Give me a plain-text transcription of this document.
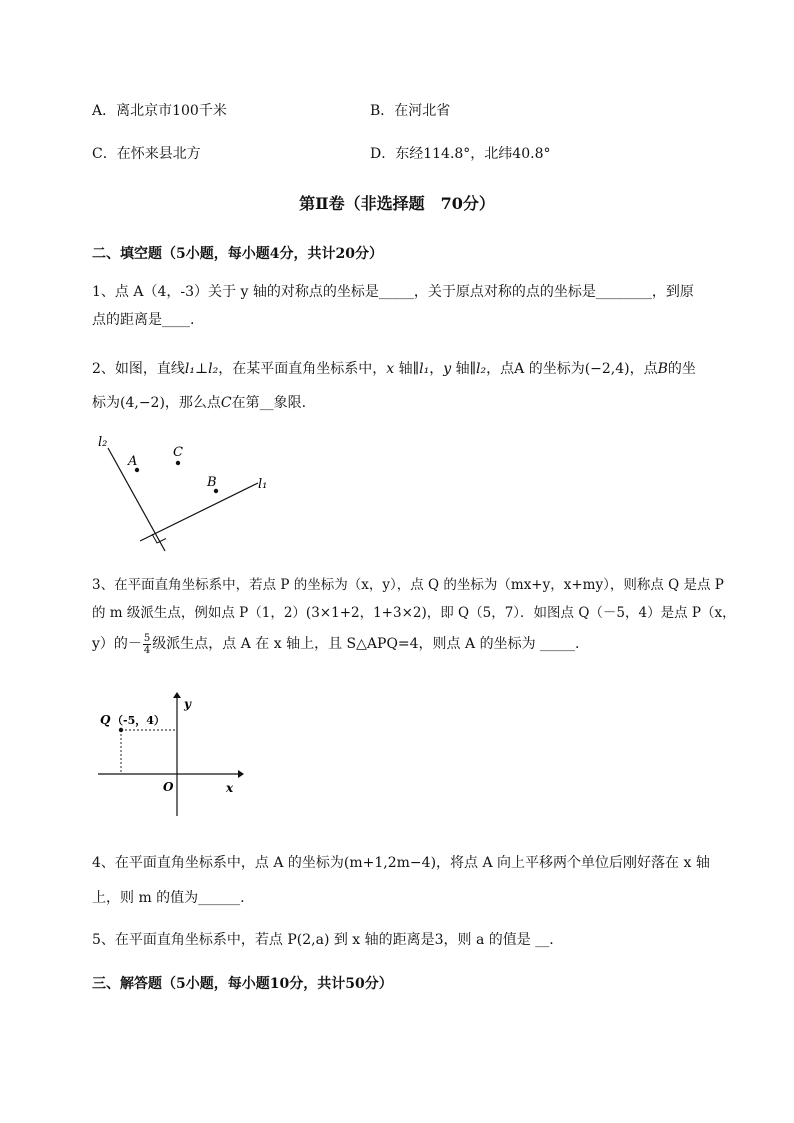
A．离北京市100千米	B．在河北省
C．在怀来县北方	D．东经114.8°，北纬40.8°
第Ⅱ卷（非选择题　70分）
二、填空题（5小题，每小题4分，共计20分）
1、点 A（4，-3）关于 y 轴的对称点的坐标是_____，关于原点对称的点的坐标是________，到原
点的距离是____.
2、如图，直线l₁⊥l₂，在某平面直角坐标系中，x 轴∥l₁，y 轴∥l₂，点A 的坐标为(−2,4)，点B的坐
标为(4,−2)，那么点C在第__象限.
l₂
l₁
A
C
B
3、在平面直角坐标系中，若点 P 的坐标为（x，y），点 Q 的坐标为（mx+y，x+my），则称点 Q 是点 P
的 m 级派生点，例如点 P（1，2）(3×1+2，1+3×2)，即 Q（5，7）．如图点 Q（－5，4）是点 P（x，
y）的－ $\frac{5}{4}$ 级派生点，点 A 在 x 轴上，且 S△APQ=4，则点 A 的坐标为 _____.
Q （-5，4）
y
x
O
4、在平面直角坐标系中，点 A 的坐标为(m+1,2m−4)，将点 A 向上平移两个单位后刚好落在 x 轴
上，则 m 的值为______.
5、在平面直角坐标系中，若点 P(2,a) 到 x 轴的距离是3，则 a 的值是 __.
三、解答题（5小题，每小题10分，共计50分）
